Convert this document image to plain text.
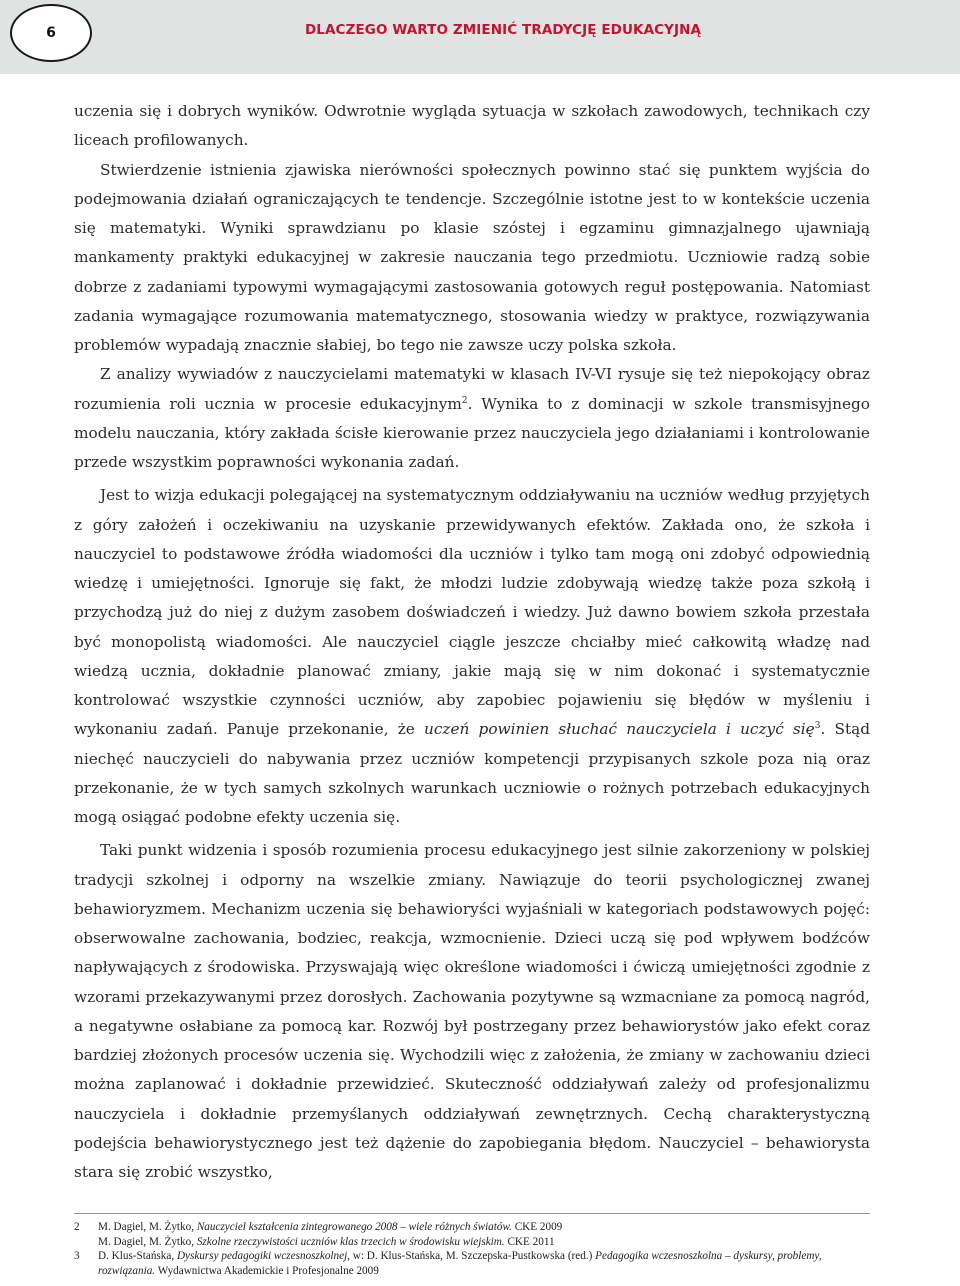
6	DLACZEGO WARTO ZMIENIĆ TRADYCJĘ EDUKACYJNĄ

uczenia się i dobrych wyników. Odwrotnie wygląda sytuacja w szkołach zawodowych, technikach czy liceach profilowanych.

Stwierdzenie istnienia zjawiska nierówności społecznych powinno stać się punktem wyjścia do podejmowania działań ograniczających te tendencje. Szczególnie istotne jest to w kontekście uczenia się matematyki. Wyniki sprawdzianu po klasie szóstej i egzaminu gimnazjalnego ujawniają mankamenty praktyki edukacyjnej w zakresie nauczania tego przedmiotu. Uczniowie radzą sobie dobrze z zadaniami typowymi wymagającymi zastosowania gotowych reguł postępowania. Natomiast zadania wymagające rozumowania matematycznego, stosowania wiedzy w praktyce, rozwiązywania problemów wypadają znacznie słabiej, bo tego nie zawsze uczy polska szkoła.

Z analizy wywiadów z nauczycielami matematyki w klasach IV-VI rysuje się też niepokojący obraz rozumienia roli ucznia w procesie edukacyjnym$^2$. Wynika to z dominacji w szkole transmisyjnego modelu nauczania, który zakłada ścisłe kierowanie przez nauczyciela jego działaniami i kontrolowanie przede wszystkim poprawności wykonania zadań.

Jest to wizja edukacji polegającej na systematycznym oddziaływaniu na uczniów według przyjętych z góry założeń i oczekiwaniu na uzyskanie przewidywanych efektów. Zakłada ono, że szkoła i nauczyciel to podstawowe źródła wiadomości dla uczniów i tylko tam mogą oni zdobyć odpowiednią wiedzę i umiejętności. Ignoruje się fakt, że młodzi ludzie zdobywają wiedzę także poza szkołą i przychodzą już do niej z dużym zasobem doświadczeń i wiedzy. Już dawno bowiem szkoła przestała być monopolistą wiadomości. Ale nauczyciel ciągle jeszcze chciałby mieć całkowitą władzę nad wiedzą ucznia, dokładnie planować zmiany, jakie mają się w nim dokonać i systematycznie kontrolować wszystkie czynności uczniów, aby zapobiec pojawieniu się błędów w myśleniu i wykonaniu zadań. Panuje przekonanie, że uczeń powinien słuchać nauczyciela i uczyć się$^3$. Stąd niechęć nauczycieli do nabywania przez uczniów kompetencji przypisanych szkole poza nią oraz przekonanie, że w tych samych szkolnych warunkach uczniowie o rożnych potrzebach edukacyjnych mogą osiągać podobne efekty uczenia się.

Taki punkt widzenia i sposób rozumienia procesu edukacyjnego jest silnie zakorzeniony w polskiej tradycji szkolnej i odporny na wszelkie zmiany. Nawiązuje do teorii psychologicznej zwanej behawioryzmem. Mechanizm uczenia się behawioryści wyjaśniali w kategoriach podstawowych pojęć: obserwowalne zachowania, bodziec, reakcja, wzmocnienie. Dzieci uczą się pod wpływem bodźców napływających z środowiska. Przyswajają więc określone wiadomości i ćwiczą umiejętności zgodnie z wzorami przekazywanymi przez dorosłych. Zachowania pozytywne są wzmacniane za pomocą nagród, a negatywne osłabiane za pomocą kar. Rozwój był postrzegany przez behawiorystów jako efekt coraz bardziej złożonych procesów uczenia się. Wychodzili więc z założenia, że zmiany w zachowaniu dzieci można zaplanować i dokładnie przewidzieć. Skuteczność oddziaływań zależy od profesjonalizmu nauczyciela i dokładnie przemyślanych oddziaływań zewnętrznych. Cechą charakterystyczną podejścia behawiorystycznego jest też dążenie do zapobiegania błędom. Nauczyciel – behawiorysta stara się zrobić wszystko,

2	M. Dagiel, M. Żytko, Nauczyciel kształcenia zintegrowanego 2008 – wiele różnych światów. CKE 2009
M. Dagiel, M. Żytko, Szkolne rzeczywistości uczniów klas trzecich w środowisku wiejskim. CKE 2011
3	D. Klus-Stańska, Dyskursy pedagogiki wczesnoszkolnej, w: D. Klus-Stańska, M. Szczepska-Pustkowska (red.) Pedagogika wczesnoszkolna – dyskursy, problemy, rozwiązania. Wydawnictwa Akademickie i Profesjonalne 2009
